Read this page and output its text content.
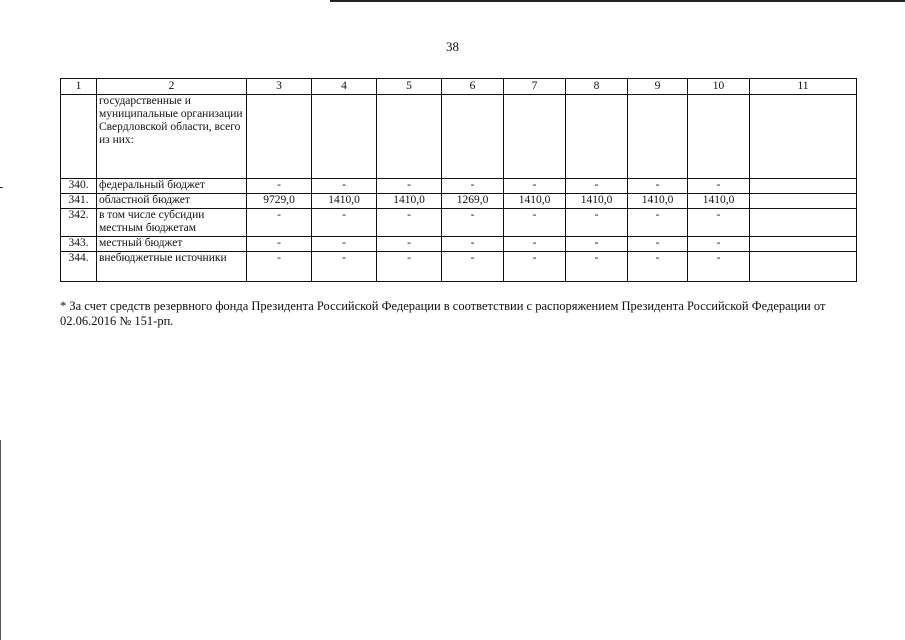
38
1	2	3	4	5	6	7	8	9	10	11
	государственные и муниципальные организации Свердловской области, всего из них:									
340.	федеральный бюджет	-	-	-	-	-	-	-	-	
341.	областной бюджет	9729,0	1410,0	1410,0	1269,0	1410,0	1410,0	1410,0	1410,0	
342.	в том числе субсидии местным бюджетам	-	-	-	-	-	-	-	-	
343.	местный бюджет	-	-	-	-	-	-	-	-	
344.	внебюджетные источники	-	-	-	-	-	-	-	-	
* За счет средств резервного фонда Президента Российской Федерации в соответствии с распоряжением Президента Российской Федерации от 02.06.2016 № 151-рп.
